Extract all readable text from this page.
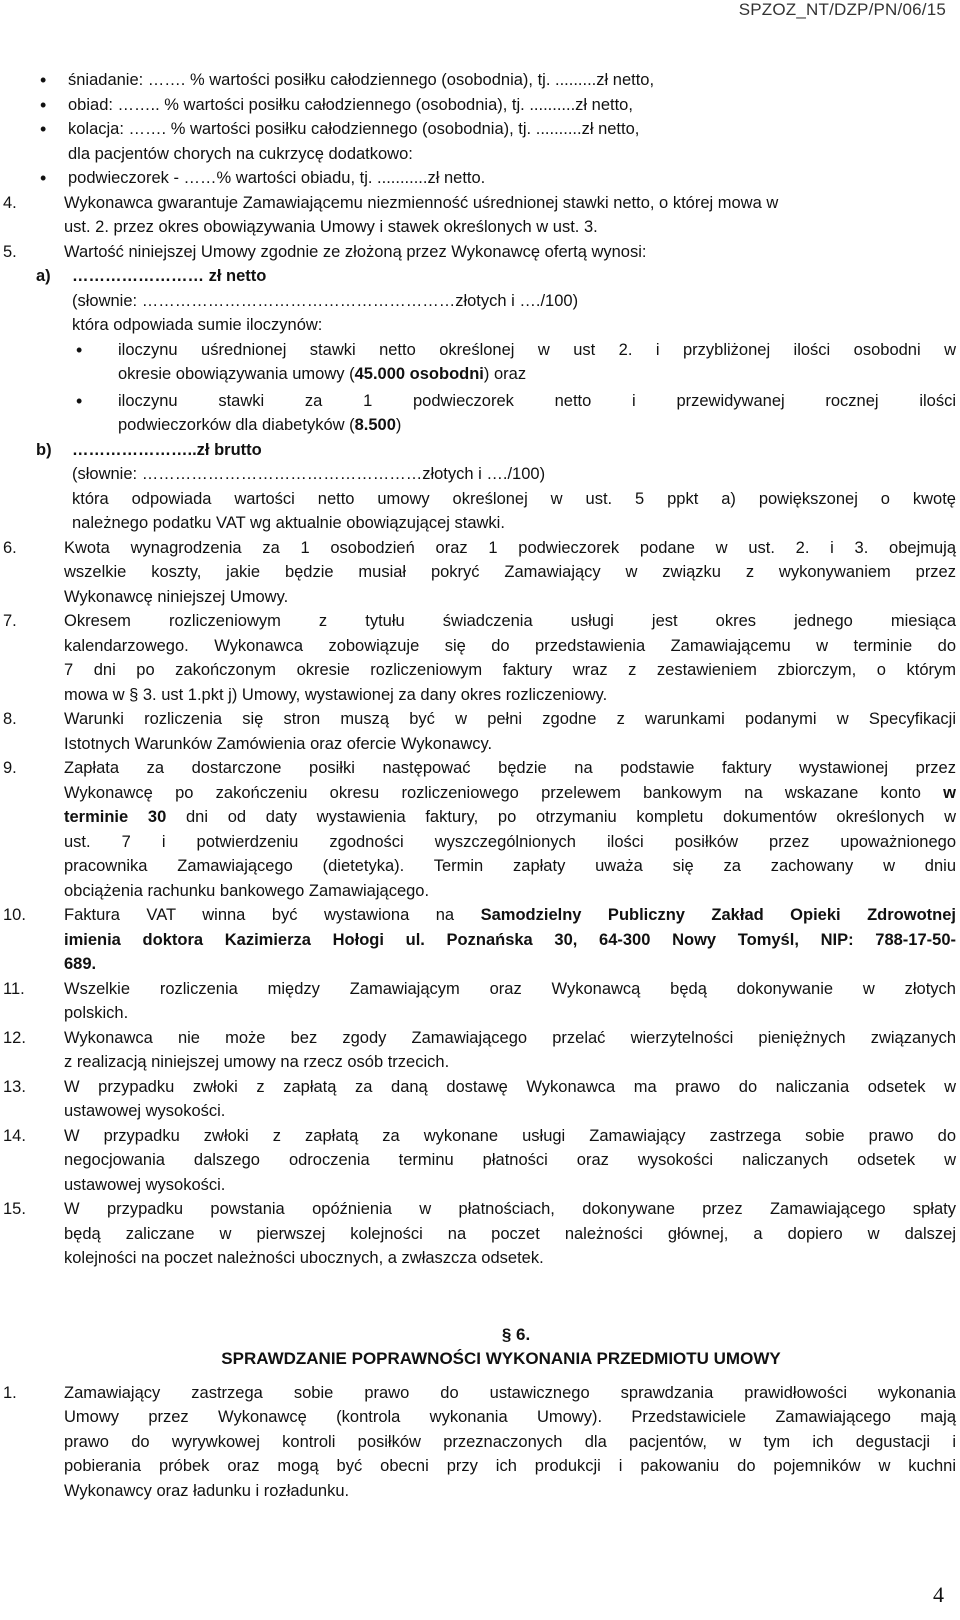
SPZOZ_NT/DZP/PN/06/15
• śniadanie: ……. % wartości posiłku całodziennego (osobodnia), tj. .........zł netto,
• obiad: …….. % wartości posiłku całodziennego (osobodnia), tj. ..........zł netto,
• kolacja: ……. % wartości posiłku całodziennego (osobodnia), tj. ..........zł netto,
dla pacjentów chorych na cukrzycę dodatkowo:
• podwieczorek - ……% wartości obiadu, tj. ...........zł netto.
4.	Wykonawca gwarantuje Zamawiającemu niezmienność uśrednionej stawki netto, o której mowa w
ust. 2. przez okres obowiązywania Umowy i stawek określonych w ust. 3.
5.	Wartość niniejszej Umowy zgodnie ze złożoną przez Wykonawcę ofertą wynosi:
a) …………………… zł netto
(słownie: …………………………………………………złotych i …./100)
która odpowiada sumie iloczynów:
• iloczynu uśrednionej stawki netto określonej w ust 2. i przybliżonej ilości osobodni w
okresie obowiązywania umowy (45.000 osobodni) oraz
• iloczynu stawki za 1 podwieczorek netto i przewidywanej rocznej ilości
podwieczorków dla diabetyków (8.500)
b) …………………..zł brutto
(słownie: ……………………………………………złotych i …./100)
która odpowiada wartości netto umowy określonej w ust. 5 ppkt a) powiększonej o kwotę
należnego podatku VAT wg aktualnie obowiązującej stawki.
6.	Kwota wynagrodzenia za 1 osobodzień oraz 1 podwieczorek podane w ust. 2. i 3. obejmują
wszelkie koszty, jakie będzie musiał pokryć Zamawiający w związku z wykonywaniem przez
Wykonawcę niniejszej Umowy.
7.	Okresem rozliczeniowym z tytułu świadczenia usługi jest okres jednego miesiąca
kalendarzowego. Wykonawca zobowiązuje się do przedstawienia Zamawiającemu w terminie do
7 dni po zakończonym okresie rozliczeniowym faktury wraz z zestawieniem zbiorczym, o którym
mowa w § 3. ust 1.pkt j) Umowy, wystawionej za dany okres rozliczeniowy.
8.	Warunki rozliczenia się stron muszą być w pełni zgodne z warunkami podanymi w Specyfikacji
Istotnych Warunków Zamówienia oraz ofercie Wykonawcy.
9.	Zapłata za dostarczone posiłki następować będzie na podstawie faktury wystawionej przez
Wykonawcę po zakończeniu okresu rozliczeniowego przelewem bankowym na wskazane konto w
terminie 30 dni od daty wystawienia faktury, po otrzymaniu kompletu dokumentów określonych w
ust. 7 i potwierdzeniu zgodności wyszczególnionych ilości posiłków przez upoważnionego
pracownika Zamawiającego (dietetyka). Termin zapłaty uważa się za zachowany w dniu
obciążenia rachunku bankowego Zamawiającego.
10. Faktura VAT winna być wystawiona na Samodzielny Publiczny Zakład Opieki Zdrowotnej
imienia doktora Kazimierza Hołogi ul. Poznańska 30, 64-300 Nowy Tomyśl, NIP: 788-17-50-
689.
11. Wszelkie rozliczenia między Zamawiającym oraz Wykonawcą będą dokonywanie w złotych
polskich.
12. Wykonawca nie może bez zgody Zamawiającego przelać wierzytelności pieniężnych związanych
z realizacją niniejszej umowy na rzecz osób trzecich.
13. W przypadku zwłoki z zapłatą za daną dostawę Wykonawca ma prawo do naliczania odsetek w
ustawowej wysokości.
14. W przypadku zwłoki z zapłatą za wykonane usługi Zamawiający zastrzega sobie prawo do
negocjowania dalszego odroczenia terminu płatności oraz wysokości naliczanych odsetek w
ustawowej wysokości.
15. W przypadku powstania opóźnienia w płatnościach, dokonywane przez Zamawiającego spłaty
będą zaliczane w pierwszej kolejności na poczet należności głównej, a dopiero w dalszej
kolejności na poczet należności ubocznych, a zwłaszcza odsetek.
§ 6.
SPRAWDZANIE POPRAWNOŚCI WYKONANIA PRZEDMIOTU UMOWY
1.	Zamawiający zastrzega sobie prawo do ustawicznego sprawdzania prawidłowości wykonania
Umowy przez Wykonawcę (kontrola wykonania Umowy). Przedstawiciele Zamawiającego mają
prawo do wyrywkowej kontroli posiłków przeznaczonych dla pacjentów, w tym ich degustacji i
pobierania próbek oraz mogą być obecni przy ich produkcji i pakowaniu do pojemników w kuchni
Wykonawcy oraz ładunku i rozładunku.
4
